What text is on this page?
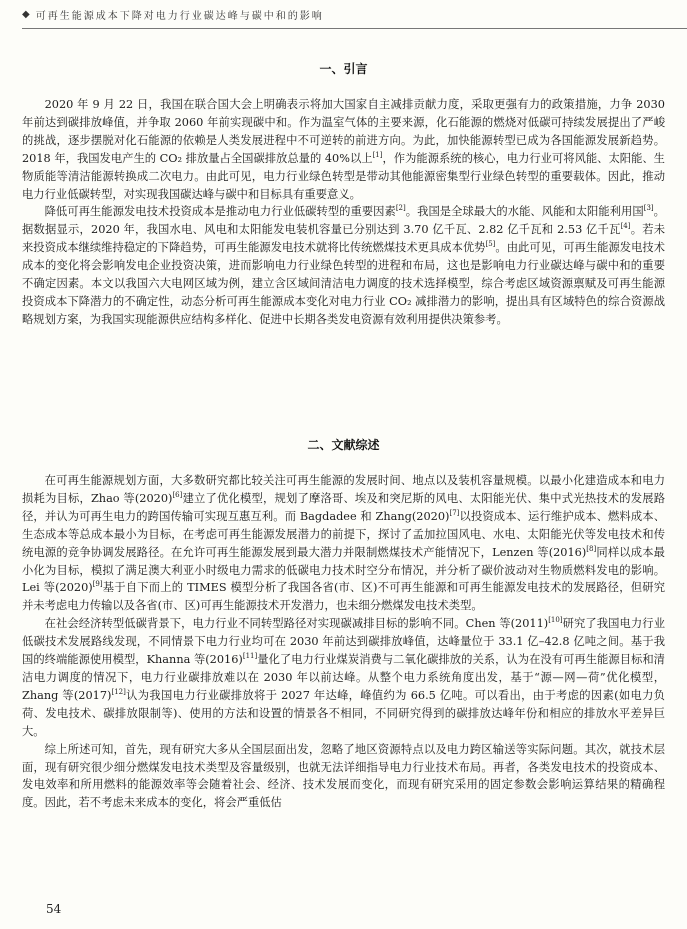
◆ 可再生能源成本下降对电力行业碳达峰与碳中和的影响
一、引言

2020 年 9 月 22 日，我国在联合国大会上明确表示将加大国家自主减排贡献力度，采取更强有力的政策措施，力争 2030 年前达到碳排放峰值，并争取 2060 年前实现碳中和。作为温室气体的主要来源，化石能源的燃烧对低碳可持续发展提出了严峻的挑战，逐步摆脱对化石能源的依赖是人类发展进程中不可逆转的前进方向。为此，加快能源转型已成为各国能源发展新趋势。2018 年，我国发电产生的 CO₂ 排放量占全国碳排放总量的 40%以上[1]，作为能源系统的核心，电力行业可将风能、太阳能、生物质能等清洁能源转换成二次电力。由此可见，电力行业绿色转型是带动其他能源密集型行业绿色转型的重要载体。因此，推动电力行业低碳转型，对实现我国碳达峰与碳中和目标具有重要意义。

降低可再生能源发电技术投资成本是推动电力行业低碳转型的重要因素[2]。我国是全球最大的水能、风能和太阳能利用国[3]。据数据显示，2020 年，我国水电、风电和太阳能发电装机容量已分别达到 3.70 亿千瓦、2.82 亿千瓦和 2.53 亿千瓦[4]。若未来投资成本继续维持稳定的下降趋势，可再生能源发电技术就将比传统燃煤技术更具成本优势[5]。由此可见，可再生能源发电技术成本的变化将会影响发电企业投资决策，进而影响电力行业绿色转型的进程和布局，这也是影响电力行业碳达峰与碳中和的重要不确定因素。本文以我国六大电网区域为例，建立含区域间清洁电力调度的技术选择模型，综合考虑区域资源禀赋及可再生能源投资成本下降潜力的不确定性，动态分析可再生能源成本变化对电力行业 CO₂ 减排潜力的影响，提出具有区域特色的综合资源战略规划方案，为我国实现能源供应结构多样化、促进中长期各类发电资源有效利用提供决策参考。

二、文献综述

在可再生能源规划方面，大多数研究都比较关注可再生能源的发展时间、地点以及装机容量规模。以最小化建造成本和电力损耗为目标，Zhao 等(2020)[6]建立了优化模型，规划了摩洛哥、埃及和突尼斯的风电、太阳能光伏、集中式光热技术的发展路径，并认为可再生电力的跨国传输可实现互惠互利。而 Bagdadee 和 Zhang(2020)[7]以投资成本、运行维护成本、燃料成本、生态成本等总成本最小为目标，在考虑可再生能源发展潜力的前提下，探讨了孟加拉国风电、水电、太阳能光伏等发电技术和传统电源的竞争协调发展路径。在允许可再生能源发展到最大潜力并限制燃煤技术产能情况下，Lenzen 等(2016)[8]同样以成本最小化为目标，模拟了满足澳大利亚小时级电力需求的低碳电力技术时空分布情况，并分析了碳价波动对生物质燃料发电的影响。Lei 等(2020)[9]基于自下而上的 TIMES 模型分析了我国各省(市、区)不可再生能源和可再生能源发电技术的发展路径，但研究并未考虑电力传输以及各省(市、区)可再生能源技术开发潜力，也未细分燃煤发电技术类型。

在社会经济转型低碳背景下，电力行业不同转型路径对实现碳减排目标的影响不同。Chen 等(2011)[10]研究了我国电力行业低碳技术发展路线发现，不同情景下电力行业均可在 2030 年前达到碳排放峰值，达峰量位于 33.1 亿–42.8 亿吨之间。基于我国的终端能源使用模型，Khanna 等(2016)[11]量化了电力行业煤炭消费与二氧化碳排放的关系，认为在没有可再生能源目标和清洁电力调度的情况下，电力行业碳排放难以在 2030 年以前达峰。从整个电力系统角度出发，基于“源—网—荷”优化模型，Zhang 等(2017)[12]认为我国电力行业碳排放将于 2027 年达峰，峰值约为 66.5 亿吨。可以看出，由于考虑的因素(如电力负荷、发电技术、碳排放限制等)、使用的方法和设置的情景各不相同，不同研究得到的碳排放达峰年份和相应的排放水平差异巨大。

综上所述可知，首先，现有研究大多从全国层面出发，忽略了地区资源特点以及电力跨区输送等实际问题。其次，就技术层面，现有研究很少细分燃煤发电技术类型及容量级别，也就无法详细指导电力行业技术布局。再者，各类发电技术的投资成本、发电效率和所用燃料的能源效率等会随着社会、经济、技术发展而变化，而现有研究采用的固定参数会影响运算结果的精确程度。因此，若不考虑未来成本的变化，将会严重低估

54
